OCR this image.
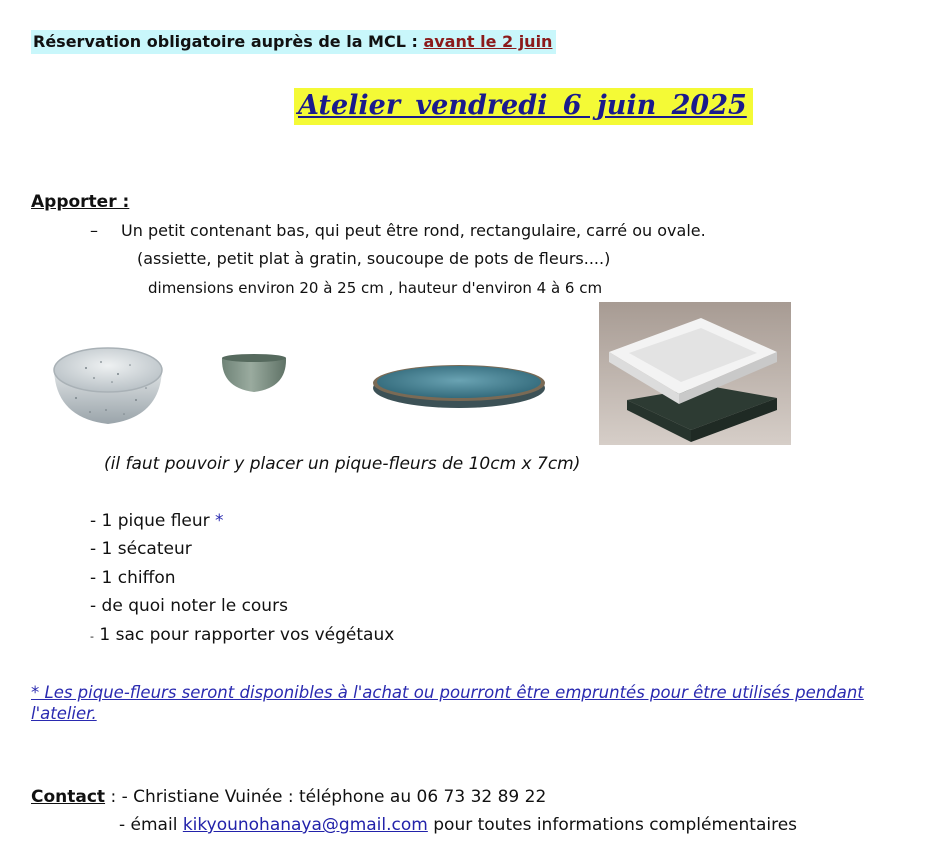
Réservation obligatoire auprès de la MCL : avant le 2 juin
Atelier vendredi 6 juin 2025
Apporter :
– Un petit contenant bas, qui peut être rond, rectangulaire, carré ou ovale.
(assiette, petit plat à gratin, soucoupe de pots de fleurs....)
dimensions environ 20 à 25 cm , hauteur d'environ 4 à 6 cm
(il faut pouvoir y placer un pique-fleurs de 10cm x 7cm)
- 1 pique fleur *
- 1 sécateur
- 1 chiffon
- de quoi noter le cours
- 1 sac pour rapporter vos végétaux
* Les pique-fleurs seront disponibles à l'achat ou pourront être empruntés pour être utilisés pendant l'atelier.
Contact : - Christiane Vuinée : téléphone au 06 73 32 89 22
- émail kikyounohanaya@gmail.com pour toutes informations complémentaires
